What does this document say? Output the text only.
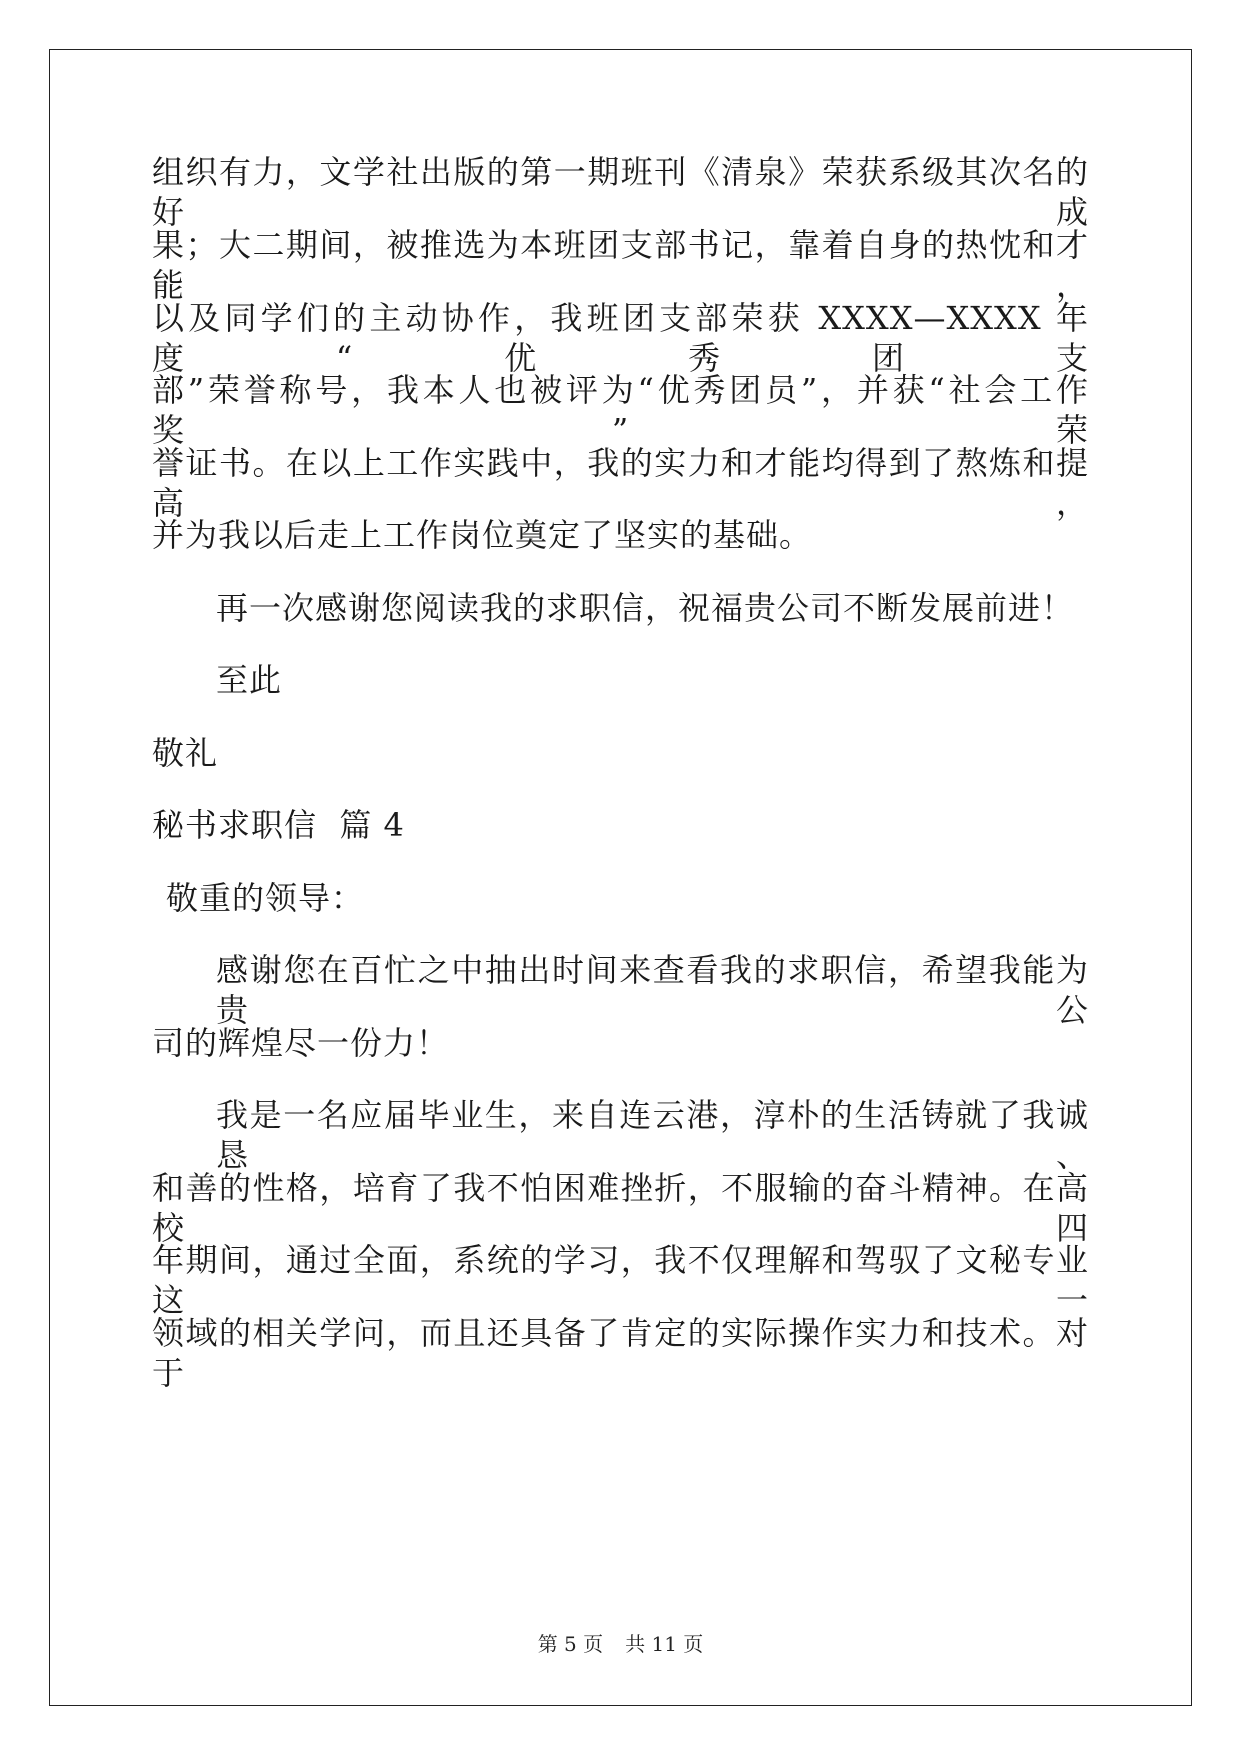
组织有力，文学社出版的第一期班刊《清泉》荣获系级其次名的好成
果；大二期间，被推选为本班团支部书记，靠着自身的热忱和才能，
以及同学们的主动协作，我班团支部荣获 XXXX—XXXX 年度“优秀团支
部”荣誉称号，我本人也被评为“优秀团员”，并获“社会工作奖”荣
誉证书。在以上工作实践中，我的实力和才能均得到了熬炼和提高，
并为我以后走上工作岗位奠定了坚实的基础。
再一次感谢您阅读我的求职信，祝福贵公司不断发展前进！
至此
敬礼
秘书求职信  篇 4
敬重的领导：
感谢您在百忙之中抽出时间来查看我的求职信，希望我能为贵公
司的辉煌尽一份力！
我是一名应届毕业生，来自连云港，淳朴的生活铸就了我诚恳、
和善的性格，培育了我不怕困难挫折，不服输的奋斗精神。在高校四
年期间，通过全面，系统的学习，我不仅理解和驾驭了文秘专业这一
领域的相关学问，而且还具备了肯定的实际操作实力和技术。对于
第 5 页 共 11 页
